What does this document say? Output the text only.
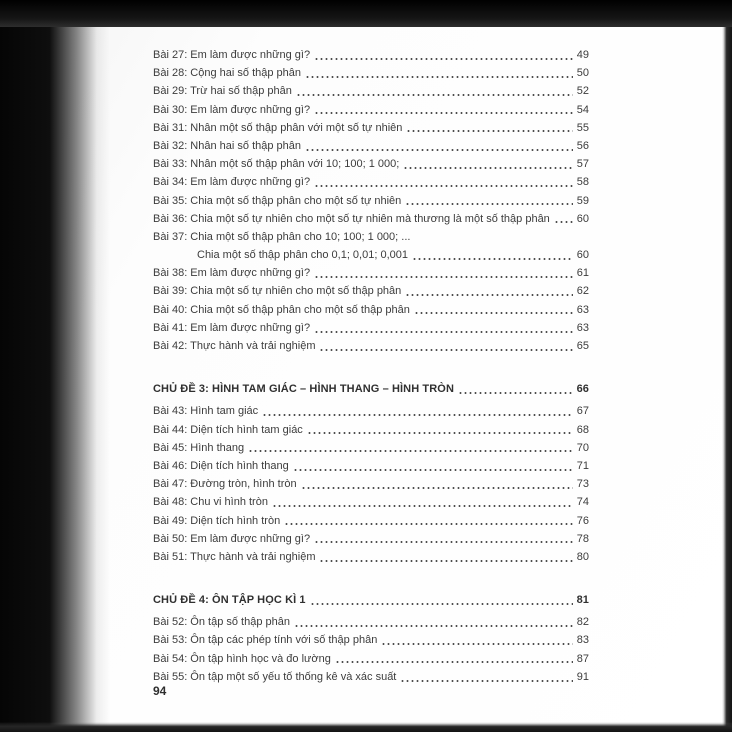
Bài 27: Em làm được những gì?	49
Bài 28: Cộng hai số thập phân	50
Bài 29: Trừ hai số thập phân	52
Bài 30: Em làm được những gì?	54
Bài 31: Nhân một số thập phân với một số tự nhiên	55
Bài 32: Nhân hai số thập phân	56
Bài 33: Nhân một số thập phân với 10; 100; 1 000;	57
Bài 34: Em làm được những gì?	58
Bài 35: Chia một số thập phân cho một số tự nhiên	59
Bài 36: Chia một số tự nhiên cho một số tự nhiên mà thương là một số thập phân 60
Bài 37: Chia một số thập phân cho 10; 100; 1 000; ...
Chia một số thập phân cho 0,1; 0,01; 0,001	60
Bài 38: Em làm được những gì?	61
Bài 39: Chia một số tự nhiên cho một số thập phân	62
Bài 40: Chia một số thập phân cho một số thập phân	63
Bài 41: Em làm được những gì?	63
Bài 42: Thực hành và trải nghiệm	65
CHỦ ĐỀ 3: HÌNH TAM GIÁC – HÌNH THANG – HÌNH TRÒN	66
Bài 43: Hình tam giác	67
Bài 44: Diện tích hình tam giác	68
Bài 45: Hình thang	70
Bài 46: Diện tích hình thang	71
Bài 47: Đường tròn, hình tròn	73
Bài 48: Chu vi hình tròn	74
Bài 49: Diện tích hình tròn	76
Bài 50: Em làm được những gì?	78
Bài 51: Thực hành và trải nghiệm	80
CHỦ ĐỀ 4: ÔN TẬP HỌC KÌ 1	81
Bài 52: Ôn tập số thập phân	82
Bài 53: Ôn tập các phép tính với số thập phân	83
Bài 54: Ôn tập hình học và đo lường	87
Bài 55: Ôn tập một số yếu tố thống kê và xác suất	91
94
